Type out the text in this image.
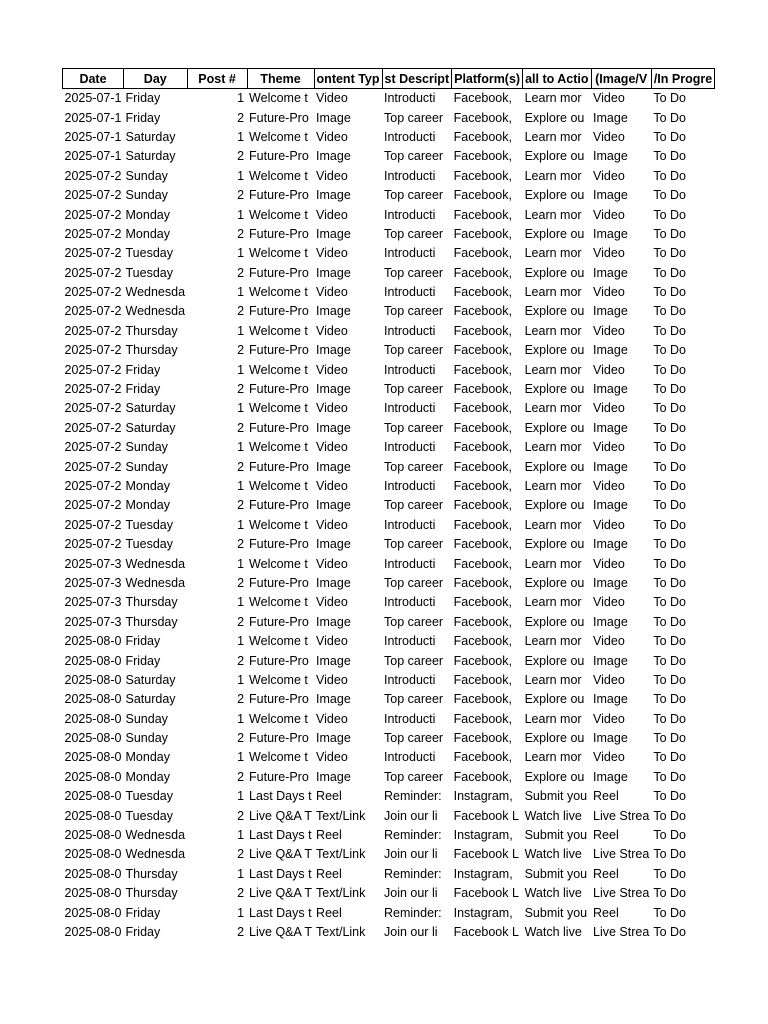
Date	Day	Post #	Theme	ontent Typ	st Descript	Platform(s)	all to Actio	(Image/V	/In Progre
2025-07-1	Friday	1	Welcome t	Video	Introducti	Facebook,	Learn mor	Video	To Do
2025-07-1	Friday	2	Future-Pro	Image	Top career	Facebook,	Explore ou	Image	To Do
2025-07-1	Saturday	1	Welcome t	Video	Introducti	Facebook,	Learn mor	Video	To Do
2025-07-1	Saturday	2	Future-Pro	Image	Top career	Facebook,	Explore ou	Image	To Do
2025-07-2	Sunday	1	Welcome t	Video	Introducti	Facebook,	Learn mor	Video	To Do
2025-07-2	Sunday	2	Future-Pro	Image	Top career	Facebook,	Explore ou	Image	To Do
2025-07-2	Monday	1	Welcome t	Video	Introducti	Facebook,	Learn mor	Video	To Do
2025-07-2	Monday	2	Future-Pro	Image	Top career	Facebook,	Explore ou	Image	To Do
2025-07-2	Tuesday	1	Welcome t	Video	Introducti	Facebook,	Learn mor	Video	To Do
2025-07-2	Tuesday	2	Future-Pro	Image	Top career	Facebook,	Explore ou	Image	To Do
2025-07-2	Wednesda	1	Welcome t	Video	Introducti	Facebook,	Learn mor	Video	To Do
2025-07-2	Wednesda	2	Future-Pro	Image	Top career	Facebook,	Explore ou	Image	To Do
2025-07-2	Thursday	1	Welcome t	Video	Introducti	Facebook,	Learn mor	Video	To Do
2025-07-2	Thursday	2	Future-Pro	Image	Top career	Facebook,	Explore ou	Image	To Do
2025-07-2	Friday	1	Welcome t	Video	Introducti	Facebook,	Learn mor	Video	To Do
2025-07-2	Friday	2	Future-Pro	Image	Top career	Facebook,	Explore ou	Image	To Do
2025-07-2	Saturday	1	Welcome t	Video	Introducti	Facebook,	Learn mor	Video	To Do
2025-07-2	Saturday	2	Future-Pro	Image	Top career	Facebook,	Explore ou	Image	To Do
2025-07-2	Sunday	1	Welcome t	Video	Introducti	Facebook,	Learn mor	Video	To Do
2025-07-2	Sunday	2	Future-Pro	Image	Top career	Facebook,	Explore ou	Image	To Do
2025-07-2	Monday	1	Welcome t	Video	Introducti	Facebook,	Learn mor	Video	To Do
2025-07-2	Monday	2	Future-Pro	Image	Top career	Facebook,	Explore ou	Image	To Do
2025-07-2	Tuesday	1	Welcome t	Video	Introducti	Facebook,	Learn mor	Video	To Do
2025-07-2	Tuesday	2	Future-Pro	Image	Top career	Facebook,	Explore ou	Image	To Do
2025-07-3	Wednesda	1	Welcome t	Video	Introducti	Facebook,	Learn mor	Video	To Do
2025-07-3	Wednesda	2	Future-Pro	Image	Top career	Facebook,	Explore ou	Image	To Do
2025-07-3	Thursday	1	Welcome t	Video	Introducti	Facebook,	Learn mor	Video	To Do
2025-07-3	Thursday	2	Future-Pro	Image	Top career	Facebook,	Explore ou	Image	To Do
2025-08-0	Friday	1	Welcome t	Video	Introducti	Facebook,	Learn mor	Video	To Do
2025-08-0	Friday	2	Future-Pro	Image	Top career	Facebook,	Explore ou	Image	To Do
2025-08-0	Saturday	1	Welcome t	Video	Introducti	Facebook,	Learn mor	Video	To Do
2025-08-0	Saturday	2	Future-Pro	Image	Top career	Facebook,	Explore ou	Image	To Do
2025-08-0	Sunday	1	Welcome t	Video	Introducti	Facebook,	Learn mor	Video	To Do
2025-08-0	Sunday	2	Future-Pro	Image	Top career	Facebook,	Explore ou	Image	To Do
2025-08-0	Monday	1	Welcome t	Video	Introducti	Facebook,	Learn mor	Video	To Do
2025-08-0	Monday	2	Future-Pro	Image	Top career	Facebook,	Explore ou	Image	To Do
2025-08-0	Tuesday	1	Last Days t	Reel	Reminder:	Instagram,	Submit you	Reel	To Do
2025-08-0	Tuesday	2	Live Q&A T	Text/Link	Join our li	Facebook L	Watch live	Live Strea	To Do
2025-08-0	Wednesda	1	Last Days t	Reel	Reminder:	Instagram,	Submit you	Reel	To Do
2025-08-0	Wednesda	2	Live Q&A T	Text/Link	Join our li	Facebook L	Watch live	Live Strea	To Do
2025-08-0	Thursday	1	Last Days t	Reel	Reminder:	Instagram,	Submit you	Reel	To Do
2025-08-0	Thursday	2	Live Q&A T	Text/Link	Join our li	Facebook L	Watch live	Live Strea	To Do
2025-08-0	Friday	1	Last Days t	Reel	Reminder:	Instagram,	Submit you	Reel	To Do
2025-08-0	Friday	2	Live Q&A T	Text/Link	Join our li	Facebook L	Watch live	Live Strea	To Do
